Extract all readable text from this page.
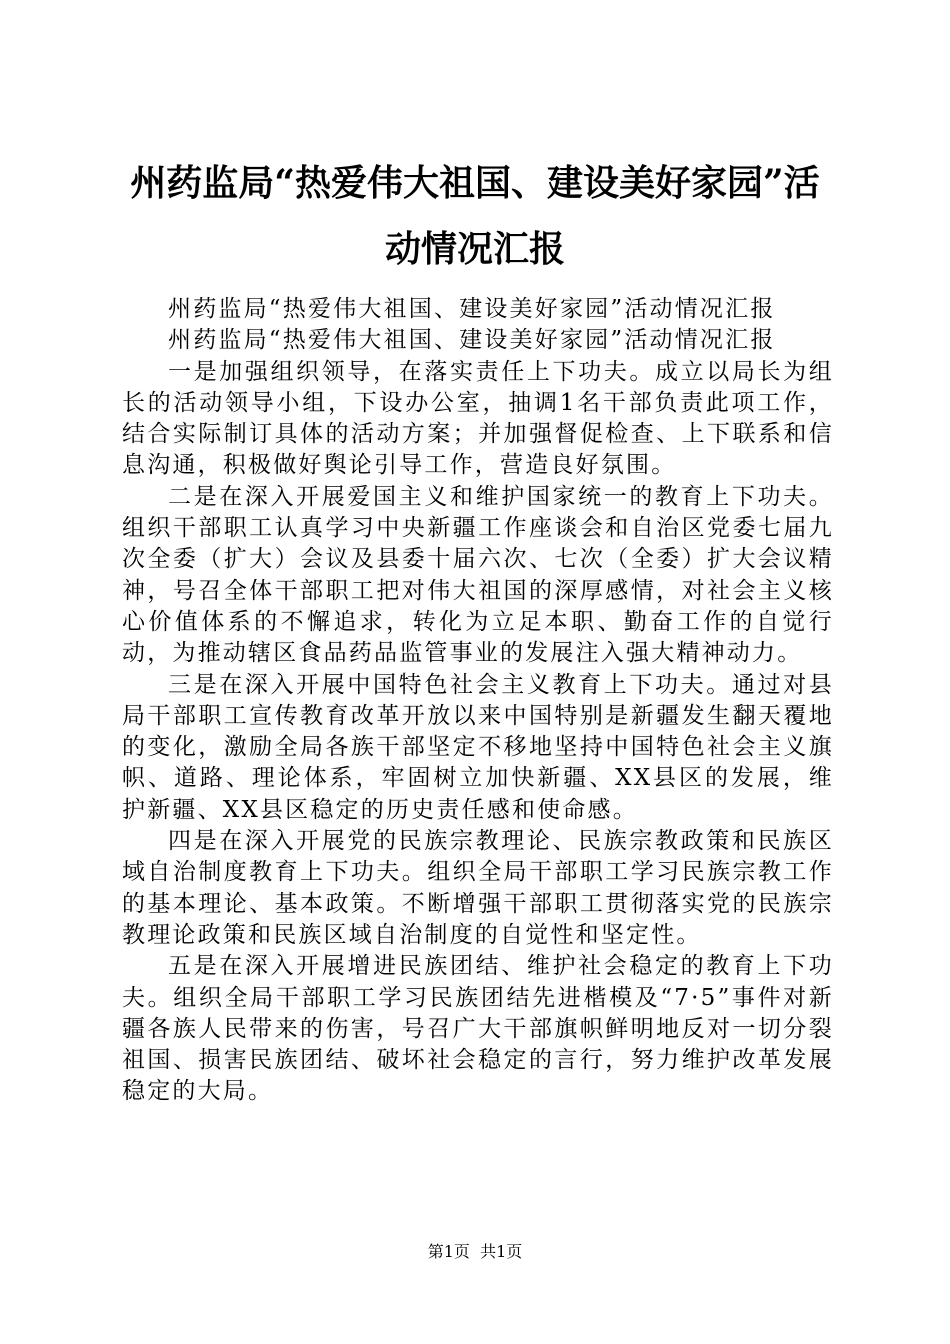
州药监局“热爱伟大祖国、建设美好家园”活动情况汇报

州药监局“热爱伟大祖国、建设美好家园”活动情况汇报

州药监局“热爱伟大祖国、建设美好家园”活动情况汇报

一是加强组织领导，在落实责任上下功夫。成立以局长为组长的活动领导小组，下设办公室，抽调1名干部负责此项工作，结合实际制订具体的活动方案；并加强督促检查、上下联系和信息沟通，积极做好舆论引导工作，营造良好氛围。

二是在深入开展爱国主义和维护国家统一的教育上下功夫。组织干部职工认真学习中央新疆工作座谈会和自治区党委七届九次全委（扩大）会议及县委十届六次、七次（全委）扩大会议精神，号召全体干部职工把对伟大祖国的深厚感情，对社会主义核心价值体系的不懈追求，转化为立足本职、勤奋工作的自觉行动，为推动辖区食品药品监管事业的发展注入强大精神动力。

三是在深入开展中国特色社会主义教育上下功夫。通过对县局干部职工宣传教育改革开放以来中国特别是新疆发生翻天覆地的变化，激励全局各族干部坚定不移地坚持中国特色社会主义旗帜、道路、理论体系，牢固树立加快新疆、XX县区的发展，维护新疆、XX县区稳定的历史责任感和使命感。

四是在深入开展党的民族宗教理论、民族宗教政策和民族区域自治制度教育上下功夫。组织全局干部职工学习民族宗教工作的基本理论、基本政策。不断增强干部职工贯彻落实党的民族宗教理论政策和民族区域自治制度的自觉性和坚定性。

五是在深入开展增进民族团结、维护社会稳定的教育上下功夫。组织全局干部职工学习民族团结先进楷模及“7·5”事件对新疆各族人民带来的伤害，号召广大干部旗帜鲜明地反对一切分裂祖国、损害民族团结、破坏社会稳定的言行，努力维护改革发展稳定的大局。

第1页  共1页
